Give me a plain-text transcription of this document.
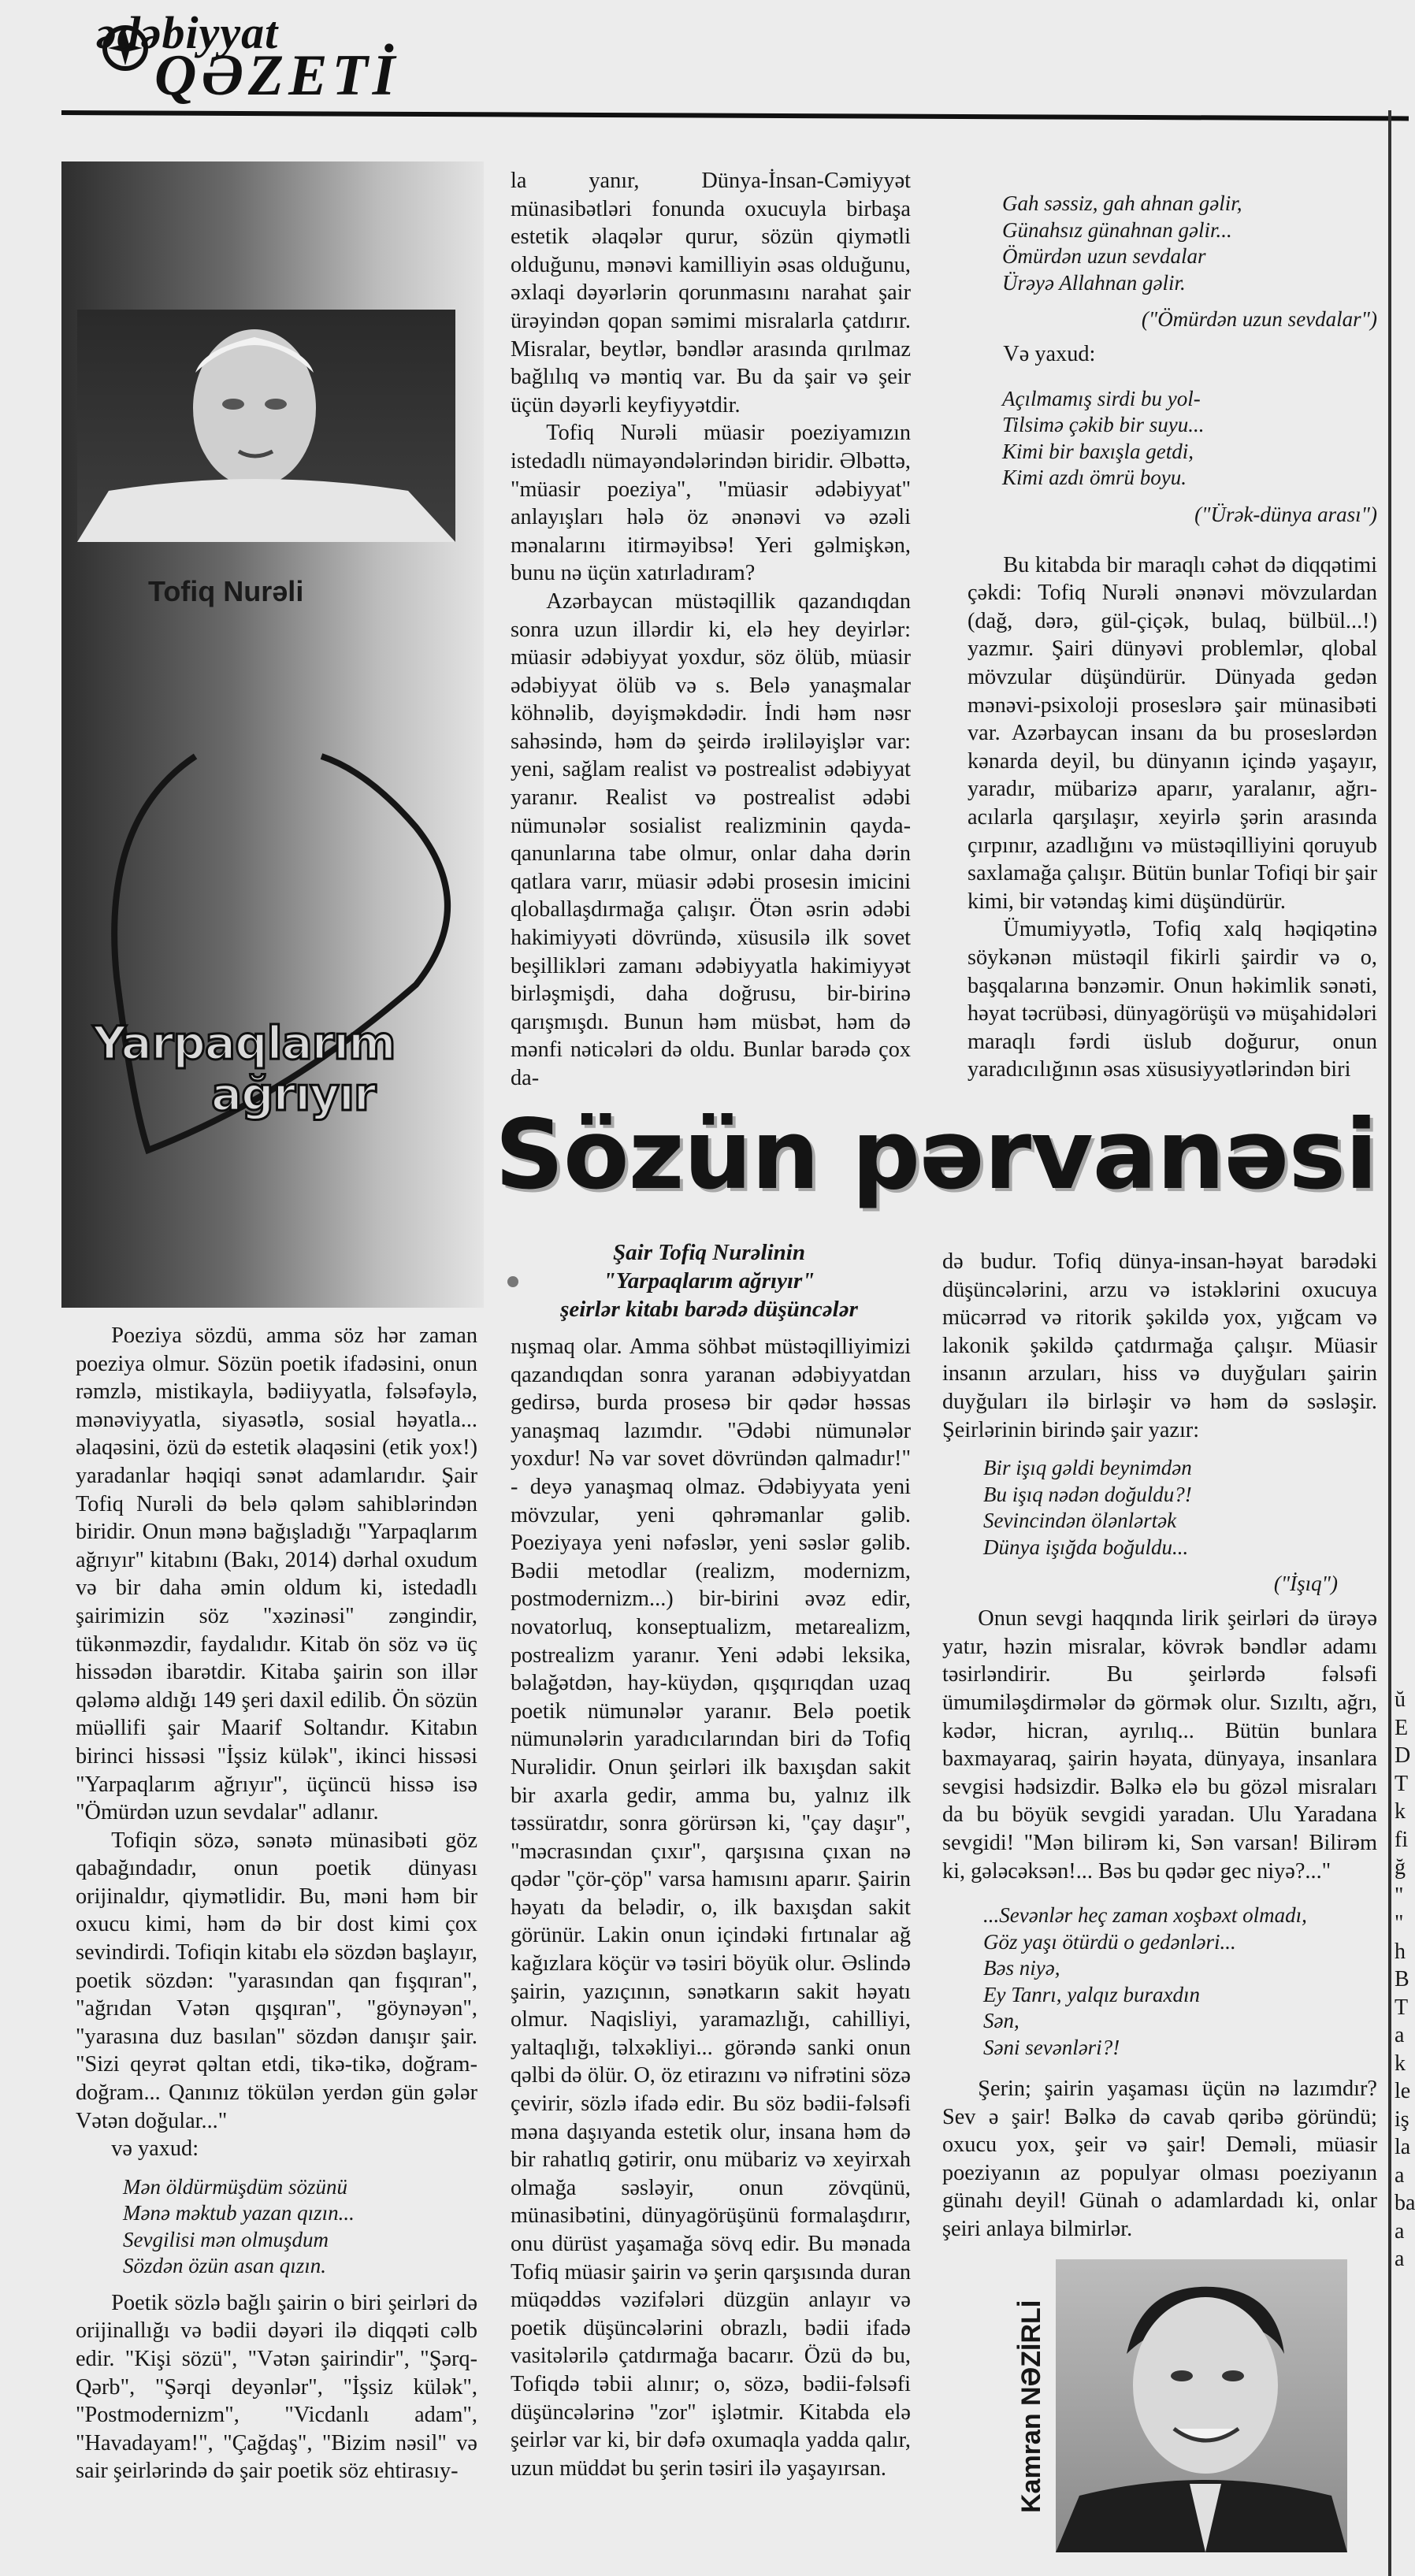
ədəbiyyat
QƏZETİ
Tofiq Nurəli
Yarpaqlarım
ağrıyır

Poeziya sözdü, amma söz hər zaman poeziya olmur. Sözün poetik ifadəsini, onun rəmzlə, mistikayla, bədiiyyatla, fəlsəfəylə, mənəviyyatla, siyasətlə, sosial həyatla... əlaqəsini, özü də estetik əlaqəsini (etik yox!) yaradanlar həqiqi sənət adamlarıdır. Şair Tofiq Nurəli də belə qələm sahiblərindən biridir. Onun mənə bağışladığı "Yarpaqlarım ağrıyır" kitabını (Bakı, 2014) dərhal oxudum və bir daha əmin oldum ki, istedadlı şairimizin söz "xəzinəsi" zəngindir, tükənməzdir, faydalıdır. Kitab ön söz və üç hissədən ibarətdir. Kitaba şairin son illər qələmə aldığı 149 şeri daxil edilib. Ön sözün müəllifi şair Maarif Soltandır. Kitabın birinci hissəsi "İşsiz külək", ikinci hissəsi "Yarpaqlarım ağrıyır", üçüncü hissə isə "Ömürdən uzun sevdalar" adlanır.

Tofiqin sözə, sənətə münasibəti göz qabağındadır, onun poetik dünyası orijinaldır, qiymətlidir. Bu, məni həm bir oxucu kimi, həm də bir dost kimi çox sevindirdi. Tofiqin kitabı elə sözdən başlayır, poetik sözdən: "yarasından qan fışqıran", "ağrıdan Vətən qışqıran", "göynəyən", "yarasına duz basılan" sözdən danışır şair. "Sizi qeyrət qəltan etdi, tikə-tikə, doğram-doğram... Qanınız tökülən yerdən gün gələr Vətən doğular..."

və yaxud:

Mən öldürmüşdüm sözünü
Mənə məktub yazan qızın...
Sevgilisi mən olmuşdum
Sözdən özün asan qızın.

Poetik sözlə bağlı şairin o biri şeirləri də orijinallığı və bədii dəyəri ilə diqqəti cəlb edir. "Kişi sözü", "Vətən şairindir", "Şərq-Qərb", "Şərqi deyənlər", "İşsiz külək", "Postmodernizm", "Vicdanlı adam", "Havadayam!", "Çağdaş", "Bizim nəsil" və sair şeirlərində də şair poetik söz ehtirasıy-

la yanır, Dünya-İnsan-Cəmiyyət münasibətləri fonunda oxucuyla birbaşa estetik əlaqələr qurur, sözün qiymətli olduğunu, mənəvi kamilliyin əsas olduğunu, əxlaqi dəyərlərin qorunmasını narahat şair ürəyindən qopan səmimi misralarla çatdırır. Misralar, beytlər, bəndlər arasında qırılmaz bağlılıq və məntiq var. Bu da şair və şeir üçün dəyərli keyfiyyətdir.

Tofiq Nurəli müasir poeziyamızın istedadlı nümayəndələrindən biridir. Əlbəttə, "müasir poeziya", "müasir ədəbiyyat" anlayışları hələ öz ənənəvi və əzəli mənalarını itirməyibsə! Yeri gəlmişkən, bunu nə üçün xatırladıram?

Azərbaycan müstəqillik qazandıqdan sonra uzun illərdir ki, elə hey deyirlər: müasir ədəbiyyat yoxdur, söz ölüb, müasir ədəbiyyat ölüb və s. Belə yanaşmalar köhnəlib, dəyişməkdədir. İndi həm nəsr sahəsində, həm də şeirdə irəliləyişlər var: yeni, sağlam realist və postrealist ədəbiyyat yaranır. Realist və postrealist ədəbi nümunələr sosialist realizminin qayda-qanunlarına tabe olmur, onlar daha dərin qatlara varır, müasir ədəbi prosesin imicini qloballaşdırmağa çalışır. Ötən əsrin ədəbi hakimiyyəti dövründə, xüsusilə ilk sovet beşillikləri zamanı ədəbiyyatla hakimiyyət birləşmişdi, daha doğrusu, bir-birinə qarışmışdı. Bunun həm müsbət, həm də mənfi nəticələri də oldu. Bunlar barədə çox da-

Gah səssiz, gah ahnan gəlir,
Günahsız günahnan gəlir...
Ömürdən uzun sevdalar
Ürəyə Allahnan gəlir.
("Ömürdən uzun sevdalar")

Və yaxud:

Açılmamış sirdi bu yol-
Tilsimə çəkib bir suyu...
Kimi bir baxışla getdi,
Kimi azdı ömrü boyu.
("Ürək-dünya arası")

Bu kitabda bir maraqlı cəhət də diqqətimi çəkdi: Tofiq Nurəli ənənəvi mövzulardan (dağ, dərə, gül-çiçək, bulaq, bülbül...!) yazmır. Şairi dünyəvi problemlər, qlobal mövzular düşündürür. Dünyada gedən mənəvi-psixoloji proseslərə şair münasibəti var. Azərbaycan insanı da bu proseslərdən kənarda deyil, bu dünyanın içində yaşayır, yaradır, mübarizə aparır, yaralanır, ağrı-acılarla qarşılaşır, xeyirlə şərin arasında çırpınır, azadlığını və müstəqilliyini qoruyub saxlamağa çalışır. Bütün bunlar Tofiqi bir şair kimi, bir vətəndaş kimi düşündürür.

Ümumiyyətlə, Tofiq xalq həqiqətinə söykənən müstəqil fikirli şairdir və o, başqalarına bənzəmir. Onun həkimlik sənəti, həyat təcrübəsi, dünyagörüşü və müşahidələri maraqlı fərdi üslub doğurur, onun yaradıcılığının əsas xüsusiyyətlərindən biri

Sözün pərvanəsi
Şair Tofiq Nurəlinin
"Yarpaqlarım ağrıyır"
şeirlər kitabı barədə düşüncələr

nışmaq olar. Amma söhbət müstəqilliyimizi qazandıqdan sonra yaranan ədəbiyyatdan gedirsə, burda prosesə bir qədər həssas yanaşmaq lazımdır. "Ədəbi nümunələr yoxdur! Nə var sovet dövründən qalmadır!" - deyə yanaşmaq olmaz. Ədəbiyyata yeni mövzular, yeni qəhrəmanlar gəlib. Poeziyaya yeni nəfəslər, yeni səslər gəlib. Bədii metodlar (realizm, modernizm, postmodernizm...) bir-birini əvəz edir, novatorluq, konseptualizm, metarealizm, postrealizm yaranır. Yeni ədəbi leksika, bəlağətdən, hay-küydən, qışqırıqdan uzaq poetik nümunələr yaranır. Belə poetik nümunələrin yaradıcılarından biri də Tofiq Nurəlidir. Onun şeirləri ilk baxışdan sakit bir axarla gedir, amma bu, yalnız ilk təssüratdır, sonra görürsən ki, "çay daşır", "məcrasından çıxır", qarşısına çıxan nə qədər "çör-çöp" varsa hamısını aparır. Şairin həyatı da belədir, o, ilk baxışdan sakit görünür. Lakin onun içindəki fırtınalar ağ kağızlara köçür və təsiri böyük olur. Əslində şairin, yazıçının, sənətkarın sakit həyatı olmur. Naqisliyi, yaramazlığı, cahilliyi, yaltaqlığı, təlxəkliyi... görəndə sanki onun qəlbi də ölür. O, öz etirazını və nifrətini sözə çevirir, sözlə ifadə edir. Bu söz bədii-fəlsəfi məna daşıyanda estetik olur, insana həm də bir rahatlıq gətirir, onu mübariz və xeyirxah olmağa səsləyir, onun zövqünü, münasibətini, dünyagörüşünü formalaşdırır, onu dürüst yaşamağa sövq edir. Bu mənada Tofiq müasir şairin və şerin qarşısında duran müqəddəs vəzifələri düzgün anlayır və poetik düşüncələrini obrazlı, bədii ifadə vasitələrilə çatdırmağa bacarır. Özü də bu, Tofiqdə təbii alınır; o, sözə, bədii-fəlsəfi düşüncələrinə "zor" işlətmir. Kitabda elə şeirlər var ki, bir dəfə oxumaqla yadda qalır, uzun müddət bu şerin təsiri ilə yaşayırsan.

də budur. Tofiq dünya-insan-həyat barədəki düşüncələrini, arzu və istəklərini oxucuya mücərrəd və ritorik şəkildə yox, yığcam və lakonik şəkildə çatdırmağa çalışır. Müasir insanın arzuları, hiss və duyğuları şairin duyğuları ilə birləşir və həm də səsləşir. Şeirlərinin birində şair yazır:

Bir işıq gəldi beynimdən
Bu işıq nədən doğuldu?!
Sevincindən ölənlərtək
Dünya işığda boğuldu...
("İşıq")

Onun sevgi haqqında lirik şeirləri də ürəyə yatır, həzin misralar, kövrək bəndlər adamı təsirləndirir. Bu şeirlərdə fəlsəfi ümumiləşdirmələr də görmək olur. Sızıltı, ağrı, kədər, hicran, ayrılıq... Bütün bunlara baxmayaraq, şairin həyata, dünyaya, insanlara sevgisi hədsizdir. Bəlkə elə bu gözəl misraları da bu böyük sevgidi yaradan. Ulu Yaradana sevgidi! "Mən bilirəm ki, Sən varsan! Bilirəm ki, gələcəksən!... Bəs bu qədər gec niyə?..."

...Sevənlər heç zaman xoşbəxt olmadı,
Göz yaşı ötürdü o gedənləri...
Bəs niyə,
Ey Tanrı, yalqız buraxdın
Sən,
Səni sevənləri?!

Şerin; şairin yaşaması üçün nə lazımdır? Sev ə şair! Bəlkə də cavab qəribə göründü; oxucu yox, şeir və şair! Deməli, müasir poeziyanın az populyar olması poeziyanın günahı deyil! Günah o adamlardadı ki, onlar şeiri anlaya bilmirlər.

Kamran NƏZİRLİ
ŭ
E
D
T
k
fi
ğ
"
"
h
B
T
a
k
le
iş
la
a
ba
a
a
